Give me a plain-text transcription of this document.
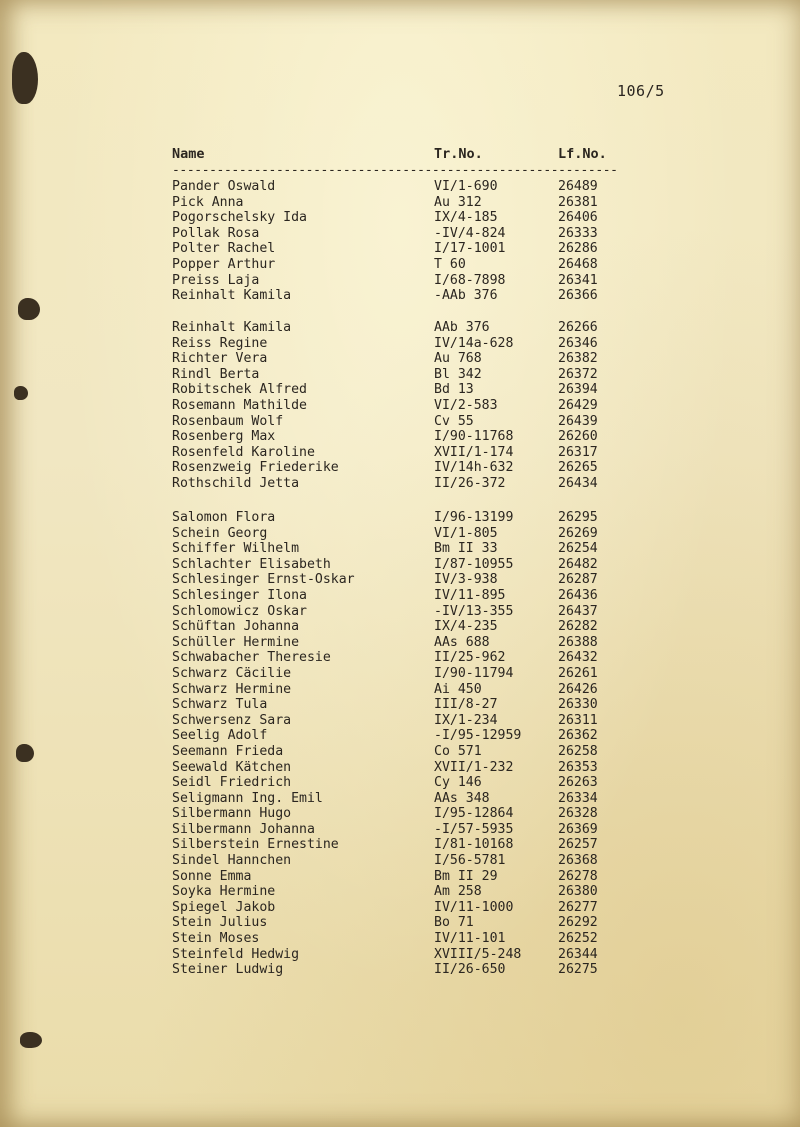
106/5
Name	Tr.No.	Lf.No.
------------------------------------------------------------
Pander Oswald	VI/1-690	26489
Pick Anna	Au 312	26381
Pogorschelsky Ida	IX/4-185	26406
Pollak Rosa	-IV/4-824	26333
Polter Rachel	I/17-1001	26286
Popper Arthur	T 60	26468
Preiss Laja	I/68-7898	26341
Reinhalt Kamila	-AAb 376	26366
Reinhalt Kamila	AAb 376	26266
Reiss Regine	IV/14a-628	26346
Richter Vera	Au 768	26382
Rindl Berta	Bl 342	26372
Robitschek Alfred	Bd 13	26394
Rosemann Mathilde	VI/2-583	26429
Rosenbaum Wolf	Cv 55	26439
Rosenberg Max	I/90-11768	26260
Rosenfeld Karoline	XVII/1-174	26317
Rosenzweig Friederike	IV/14h-632	26265
Rothschild Jetta	II/26-372	26434
Salomon Flora	I/96-13199	26295
Schein Georg	VI/1-805	26269
Schiffer Wilhelm	Bm II 33	26254
Schlachter Elisabeth	I/87-10955	26482
Schlesinger Ernst-Oskar	IV/3-938	26287
Schlesinger Ilona	IV/11-895	26436
Schlomowicz Oskar	-IV/13-355	26437
Schüftan Johanna	IX/4-235	26282
Schüller Hermine	AAs 688	26388
Schwabacher Theresie	II/25-962	26432
Schwarz Cäcilie	I/90-11794	26261
Schwarz Hermine	Ai 450	26426
Schwarz Tula	III/8-27	26330
Schwersenz Sara	IX/1-234	26311
Seelig Adolf	-I/95-12959	26362
Seemann Frieda	Co 571	26258
Seewald Kätchen	XVII/1-232	26353
Seidl Friedrich	Cy 146	26263
Seligmann Ing. Emil	AAs 348	26334
Silbermann Hugo	I/95-12864	26328
Silbermann Johanna	-I/57-5935	26369
Silberstein Ernestine	I/81-10168	26257
Sindel Hannchen	I/56-5781	26368
Sonne Emma	Bm II 29	26278
Soyka Hermine	Am 258	26380
Spiegel Jakob	IV/11-1000	26277
Stein Julius	Bo 71	26292
Stein Moses	IV/11-101	26252
Steinfeld Hedwig	XVIII/5-248	26344
Steiner Ludwig	II/26-650	26275
